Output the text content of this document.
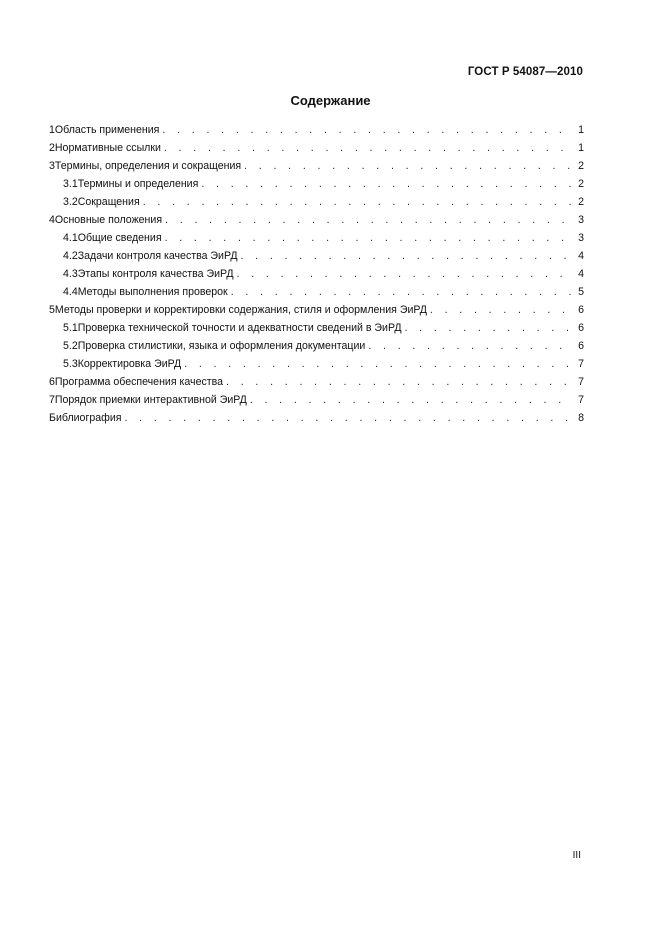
ГОСТ Р 54087—2010
Содержание
1 Область применения . . .	1
2 Нормативные ссылки . . .	1
3 Термины, определения и сокращения . . .	2
3.1 Термины и определения . . .	2
3.2 Сокращения . . .	2
4 Основные положения . . .	3
4.1 Общие сведения . . .	3
4.2 Задачи контроля качества ЭиРД . . .	4
4.3 Этапы контроля качества ЭиРД . . .	4
4.4 Методы выполнения проверок . . .	5
5 Методы проверки и корректировки содержания, стиля и оформления ЭиРД . . .	6
5.1 Проверка технической точности и адекватности сведений в ЭиРД . . .	6
5.2 Проверка стилистики, языка и оформления документации . . .	6
5.3 Корректировка ЭиРД . . .	7
6 Программа обеспечения качества . . .	7
7 Порядок приемки интерактивной ЭиРД . . .	7
Библиография . . .	8
III
